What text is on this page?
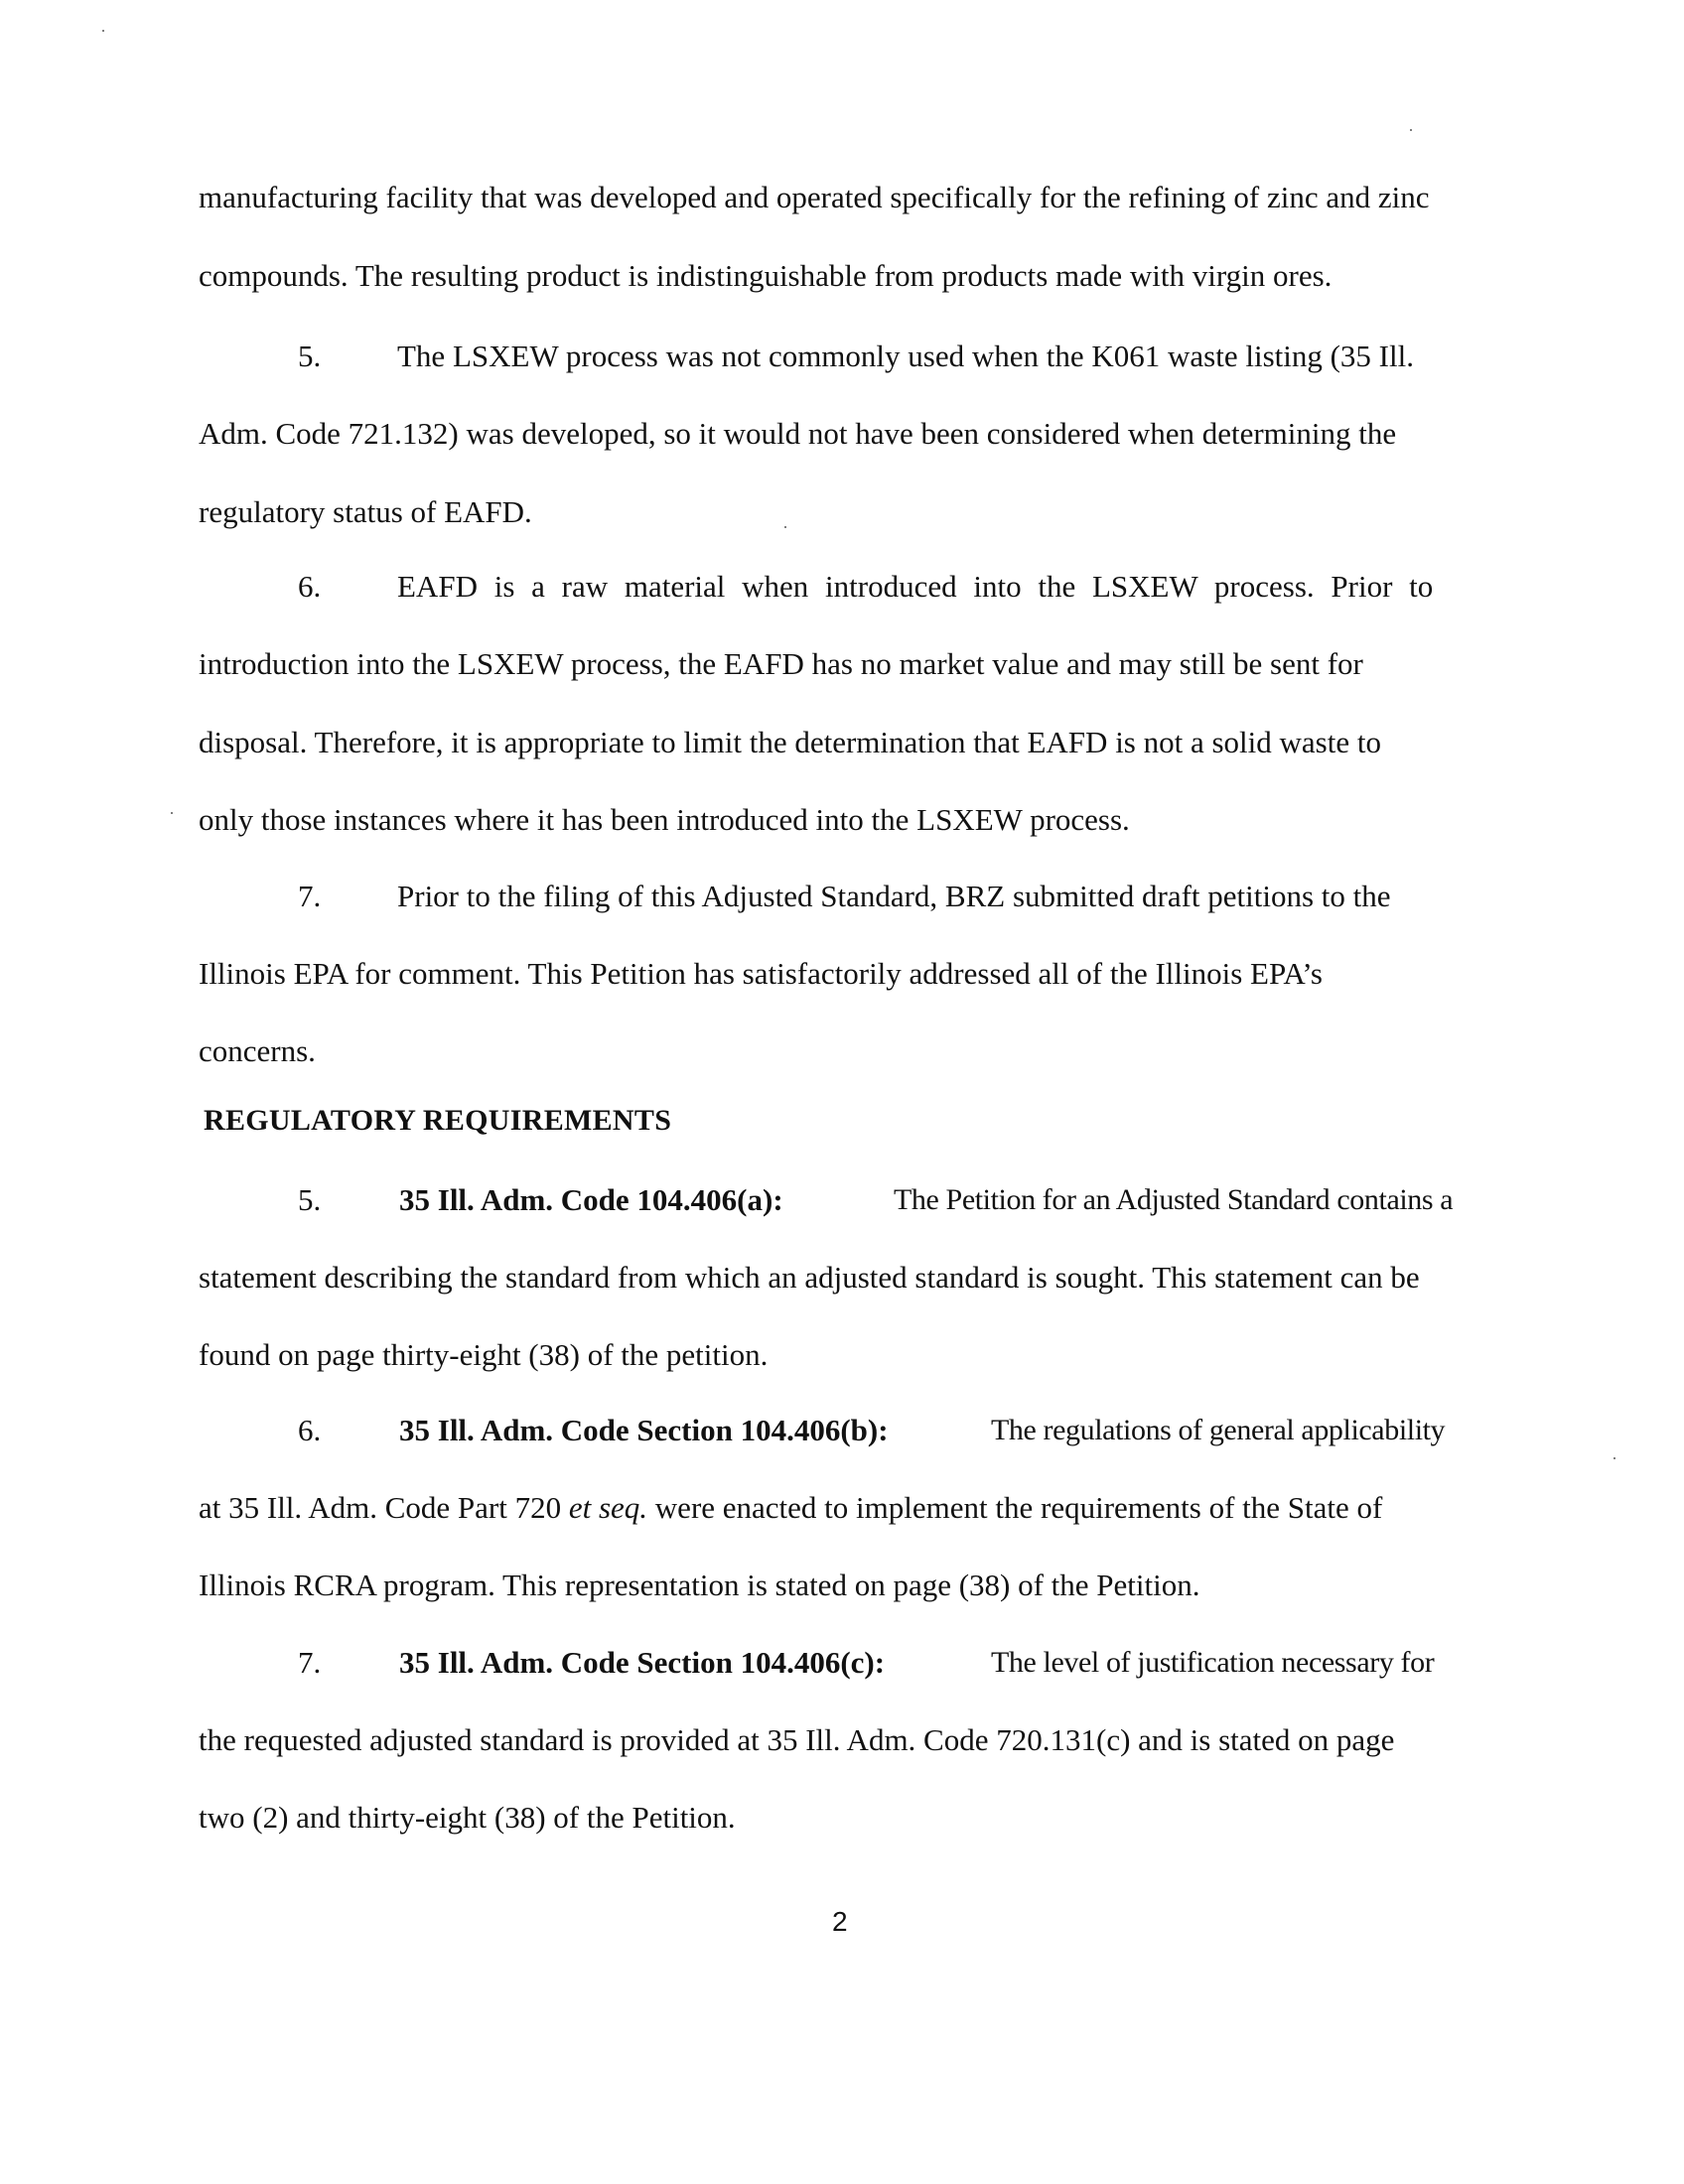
manufacturing facility that was developed and operated specifically for the refining of zinc and zinc
compounds. The resulting product is indistinguishable from products made with virgin ores.
5. The LSXEW process was not commonly used when the K061 waste listing (35 Ill.
Adm. Code 721.132) was developed, so it would not have been considered when determining the
regulatory status of EAFD.
6. EAFD is a raw material when introduced into the LSXEW process. Prior to
introduction into the LSXEW process, the EAFD has no market value and may still be sent for
disposal. Therefore, it is appropriate to limit the determination that EAFD is not a solid waste to
only those instances where it has been introduced into the LSXEW process.
7. Prior to the filing of this Adjusted Standard, BRZ submitted draft petitions to the
Illinois EPA for comment. This Petition has satisfactorily addressed all of the Illinois EPA’s
concerns.
REGULATORY REQUIREMENTS
5.	35 Ill. Adm. Code 104.406(a):	The Petition for an Adjusted Standard contains a
statement describing the standard from which an adjusted standard is sought. This statement can be
found on page thirty-eight (38) of the petition.
6.	35 Ill. Adm. Code Section 104.406(b):	The regulations of general applicability
at 35 Ill. Adm. Code Part 720 et seq. were enacted to implement the requirements of the State of
Illinois RCRA program. This representation is stated on page (38) of the Petition.
7.	35 Ill. Adm. Code Section 104.406(c):	The level of justification necessary for
the requested adjusted standard is provided at 35 Ill. Adm. Code 720.131(c) and is stated on page
two (2) and thirty-eight (38) of the Petition.
2
